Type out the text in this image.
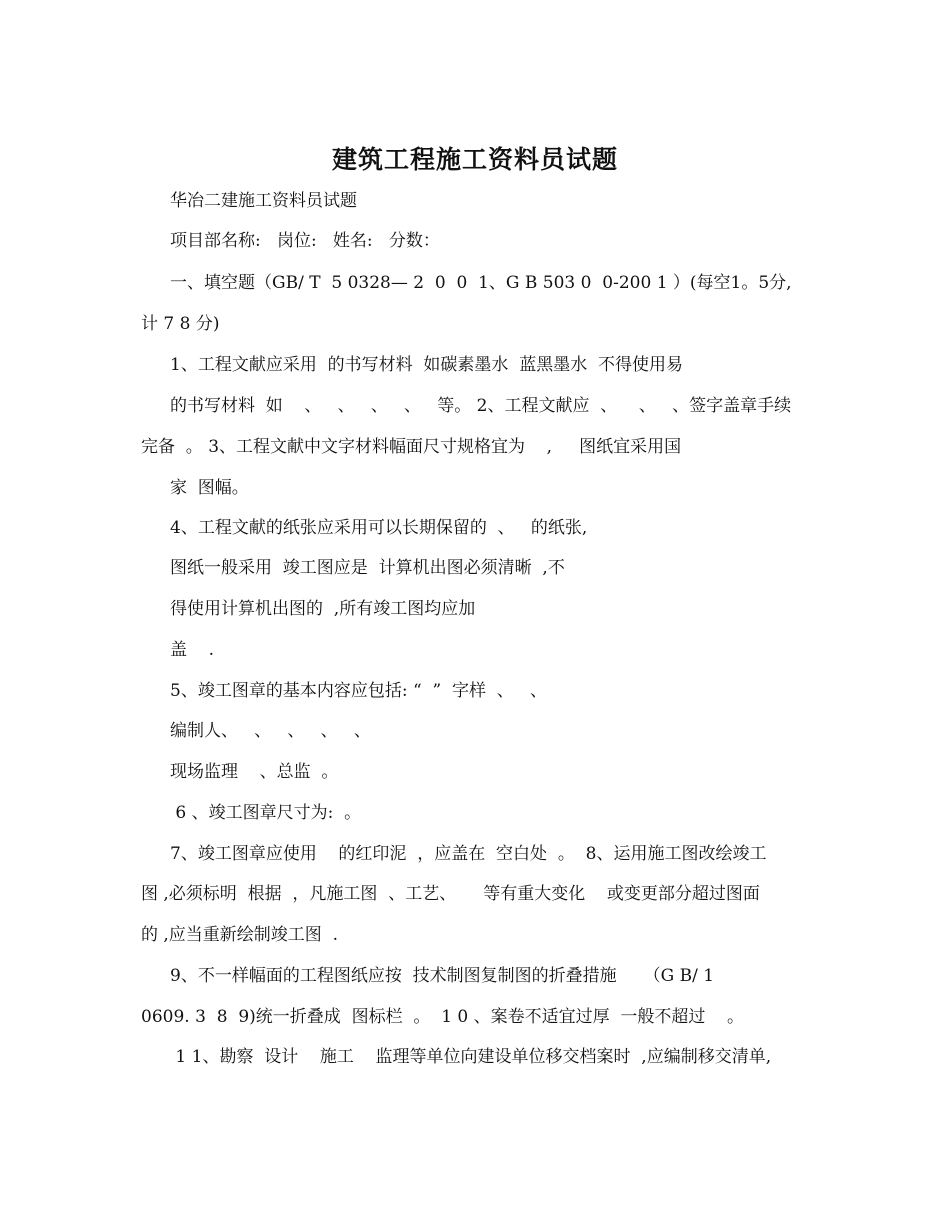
建筑工程施工资料员试题
华冶二建施工资料员试题
项目部名称:   岗位:   姓名:   分数：
一、填空题（GB/ T  5 0328— 2  0  0  1、G B 503 0  0-200 1 ）(每空1。5分,
计 7 8 分)
1、工程文献应采用  的书写材料  如碳素墨水  蓝黑墨水  不得使用易
的书写材料  如    、   、   、   、   等。 2、工程文献应  、    、   、签字盖章手续
完备  。 3、工程文献中文字材料幅面尺寸规格宜为    ,     图纸宜采用国
家  图幅。
4、工程文献的纸张应采用可以长期保留的  、   的纸张,
图纸一般采用  竣工图应是  计算机出图必须清晰  ,不
得使用计算机出图的  ,所有竣工图均应加
盖    .
5、竣工图章的基本内容应包括: “  ”  字样  、   、
编制人、   、   、   、   、
现场监理    、总监  。
6 、竣工图章尺寸为:  。
7、竣工图章应使用    的红印泥  ，应盖在  空白处  。  8、运用施工图改绘竣工
图 ,必须标明  根据  ，凡施工图  、工艺、     等有重大变化    或变更部分超过图面
的 ,应当重新绘制竣工图  .
9、不一样幅面的工程图纸应按  技术制图复制图的折叠措施     （G B/ 1
0609. 3  8  9)统一折叠成  图标栏  。  1 0 、案卷不适宜过厚  一般不超过    。
1 1、勘察  设计    施工    监理等单位向建设单位移交档案时  ,应编制移交清单,
